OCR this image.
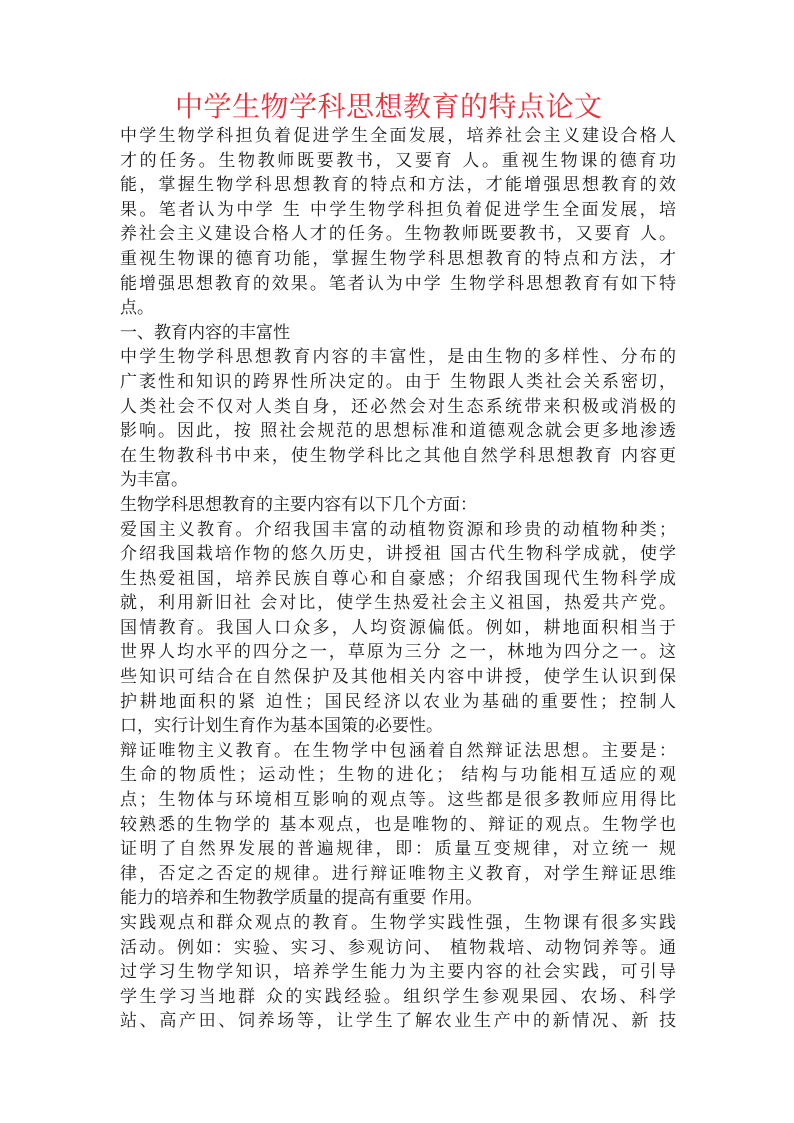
中学生物学科思想教育的特点论文
中学生物学科担负着促进学生全面发展，培养社会主义建设合格人
才的任务。生物教师既要教书，又要育 人。重视生物课的德育功
能，掌握生物学科思想教育的特点和方法，才能增强思想教育的效
果。笔者认为中学 生 中学生物学科担负着促进学生全面发展，培
养社会主义建设合格人才的任务。生物教师既要教书，又要育 人。
重视生物课的德育功能，掌握生物学科思想教育的特点和方法，才
能增强思想教育的效果。笔者认为中学 生物学科思想教育有如下特
点。
一、教育内容的丰富性
中学生物学科思想教育内容的丰富性，是由生物的多样性、分布的
广袤性和知识的跨界性所决定的。由于 生物跟人类社会关系密切，
人类社会不仅对人类自身，还必然会对生态系统带来积极或消极的
影响。因此，按 照社会规范的思想标准和道德观念就会更多地渗透
在生物教科书中来，使生物学科比之其他自然学科思想教育 内容更
为丰富。
生物学科思想教育的主要内容有以下几个方面：
爱国主义教育。介绍我国丰富的动植物资源和珍贵的动植物种类；
介绍我国栽培作物的悠久历史，讲授祖 国古代生物科学成就，使学
生热爱祖国，培养民族自尊心和自豪感；介绍我国现代生物科学成
就，利用新旧社 会对比，使学生热爱社会主义祖国，热爱共产党。
国情教育。我国人口众多，人均资源偏低。例如，耕地面积相当于
世界人均水平的四分之一，草原为三分 之一，林地为四分之一。这
些知识可结合在自然保护及其他相关内容中讲授，使学生认识到保
护耕地面积的紧 迫性；国民经济以农业为基础的重要性；控制人
口，实行计划生育作为基本国策的必要性。
辩证唯物主义教育。在生物学中包涵着自然辩证法思想。主要是：
生命的物质性；运动性；生物的进化； 结构与功能相互适应的观
点；生物体与环境相互影响的观点等。这些都是很多教师应用得比
较熟悉的生物学的 基本观点，也是唯物的、辩证的观点。生物学也
证明了自然界发展的普遍规律，即：质量互变规律，对立统一 规
律，否定之否定的规律。进行辩证唯物主义教育，对学生辩证思维
能力的培养和生物教学质量的提高有重要 作用。
实践观点和群众观点的教育。生物学实践性强，生物课有很多实践
活动。例如：实验、实习、参观访问、 植物栽培、动物饲养等。通
过学习生物学知识，培养学生能力为主要内容的社会实践，可引导
学生学习当地群 众的实践经验。组织学生参观果园、农场、科学
站、高产田、饲养场等，让学生了解农业生产中的新情况、新 技
